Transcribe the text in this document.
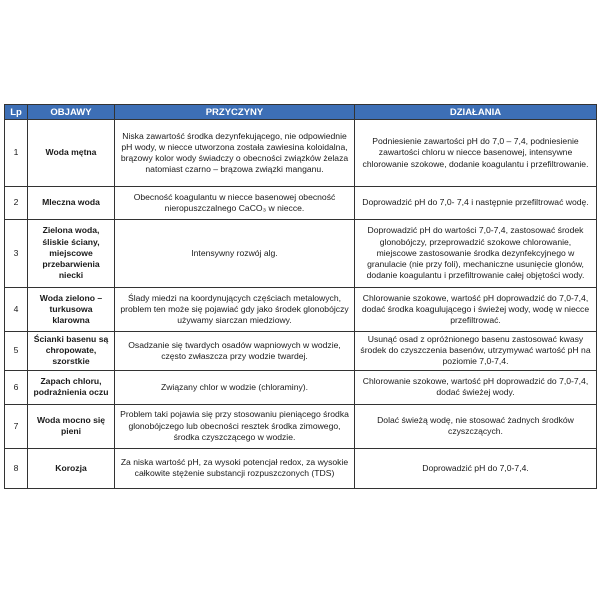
Lp	OBJAWY	PRZYCZYNY	DZIAŁANIA
1	Woda mętna	Niska zawartość środka dezynfekującego, nie odpowiednie pH wody, w niecce utworzona została zawiesina koloidalna, brązowy kolor wody świadczy o obecności związków żelaza natomiast czarno – brązowa związki manganu.	Podniesienie zawartości pH do 7,0 – 7,4, podniesienie zawartości chloru w niecce basenowej, intensywne chlorowanie szokowe, dodanie koagulantu i przefiltrowanie.
2	Mleczna woda	Obecność koagulantu w niecce basenowej obecność nieropuszczalnego CaCO₃ w niecce.	Doprowadzić pH do 7,0- 7,4 i następnie przefiltrować wodę.
3	Zielona woda, śliskie ściany, miejscowe przebarwienia niecki	Intensywny rozwój alg.	Doprowadzić pH do wartości 7,0-7,4, zastosować środek glonobójczy, przeprowadzić szokowe chlorowanie, miejscowe zastosowanie środka dezynfekcyjnego w granulacie (nie przy foli), mechaniczne usunięcie glonów, dodanie koagulantu i przefiltrowanie całej objętości wody.
4	Woda zielono – turkusowa klarowna	Ślady miedzi na koordynujących częściach metalowych, problem ten może się pojawiać gdy jako środek glonobójczy używamy siarczan miedziowy.	Chlorowanie szokowe, wartość pH doprowadzić do 7,0-7,4, dodać środka koagulującego i świeżej wody, wodę w niecce przefiltrować.
5	Ścianki basenu są chropowate, szorstkie	Osadzanie się twardych osadów wapniowych w wodzie, często zwłaszcza przy wodzie twardej.	Usunąć osad z opróżnionego basenu zastosować kwasy środek do czyszczenia basenów, utrzymywać wartość pH na poziomie 7,0-7,4.
6	Zapach chloru, podrażnienia oczu	Związany chlor w wodzie (chloraminy).	Chlorowanie szokowe, wartość pH doprowadzić do 7,0-7,4, dodać świeżej wody.
7	Woda mocno się pieni	Problem taki pojawia się przy stosowaniu pieniącego środka glonobójczego lub obecności resztek środka zimowego, środka czyszczącego w wodzie.	Dolać świeżą wodę, nie stosować żadnych środków czyszczących.
8	Korozja	Za niska wartość pH, za wysoki potencjał redox, za wysokie całkowite stężenie substancji rozpuszczonych (TDS)	Doprowadzić pH do 7,0-7,4.
